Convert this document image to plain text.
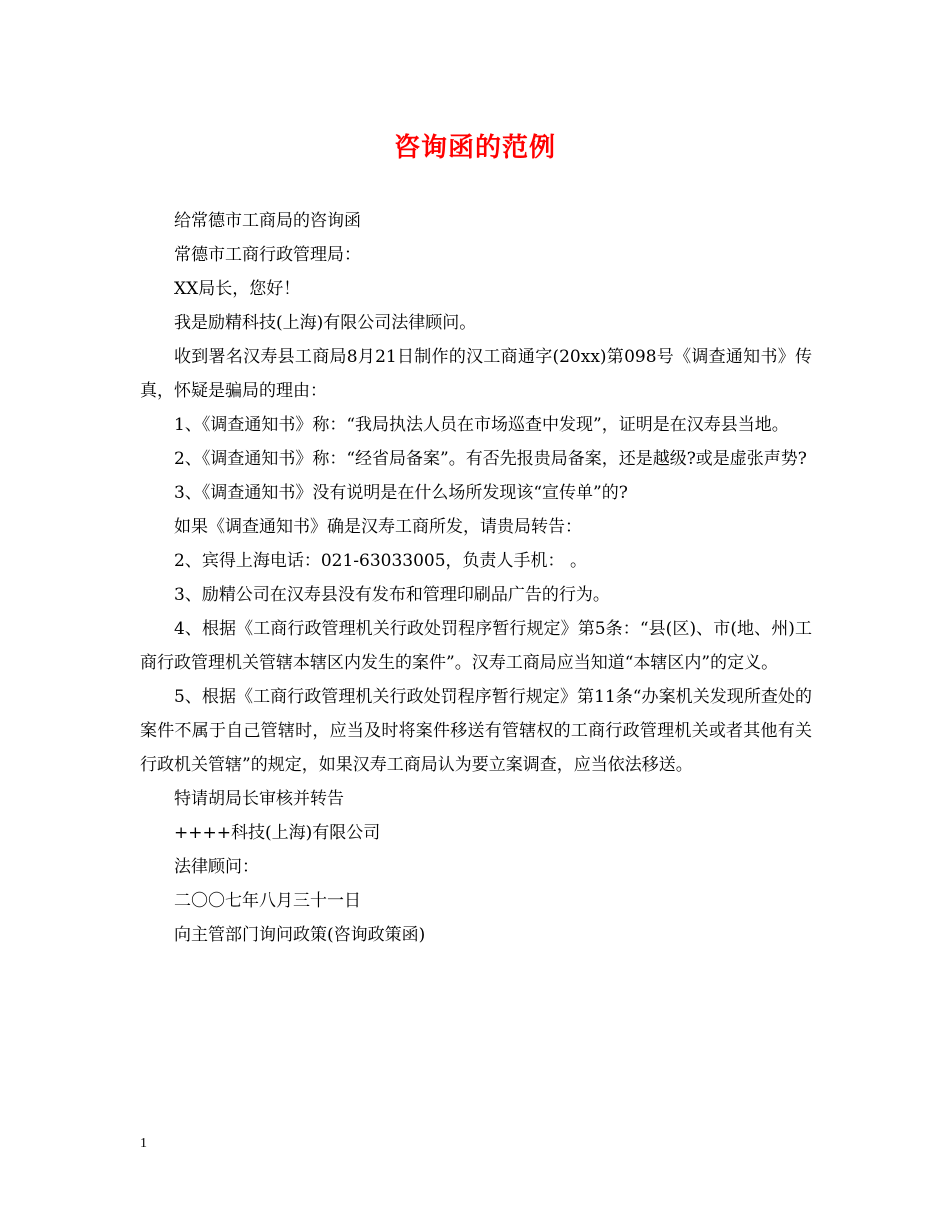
咨询函的范例

给常德市工商局的咨询函

常德市工商行政管理局：

XX局长，您好！

我是励精科技(上海)有限公司法律顾问。

收到署名汉寿县工商局8月21日制作的汉工商通字(20xx)第098号《调查通知书》传真，怀疑是骗局的理由：

1、《调查通知书》称：“我局执法人员在市场巡查中发现”，证明是在汉寿县当地。

2、《调查通知书》称：“经省局备案”。有否先报贵局备案，还是越级?或是虚张声势?

3、《调查通知书》没有说明是在什么场所发现该“宣传单”的?

如果《调查通知书》确是汉寿工商所发，请贵局转告：

2、宾得上海电话：021-63033005，负责人手机： 。

3、励精公司在汉寿县没有发布和管理印刷品广告的行为。

4、根据《工商行政管理机关行政处罚程序暂行规定》第5条：“县(区)、市(地、州)工商行政管理机关管辖本辖区内发生的案件”。汉寿工商局应当知道“本辖区内”的定义。

5、根据《工商行政管理机关行政处罚程序暂行规定》第11条“办案机关发现所查处的案件不属于自己管辖时，应当及时将案件移送有管辖权的工商行政管理机关或者其他有关行政机关管辖”的规定，如果汉寿工商局认为要立案调查，应当依法移送。

特请胡局长审核并转告

++++科技(上海)有限公司

法律顾问：

二〇〇七年八月三十一日

向主管部门询问政策(咨询政策函)

1
